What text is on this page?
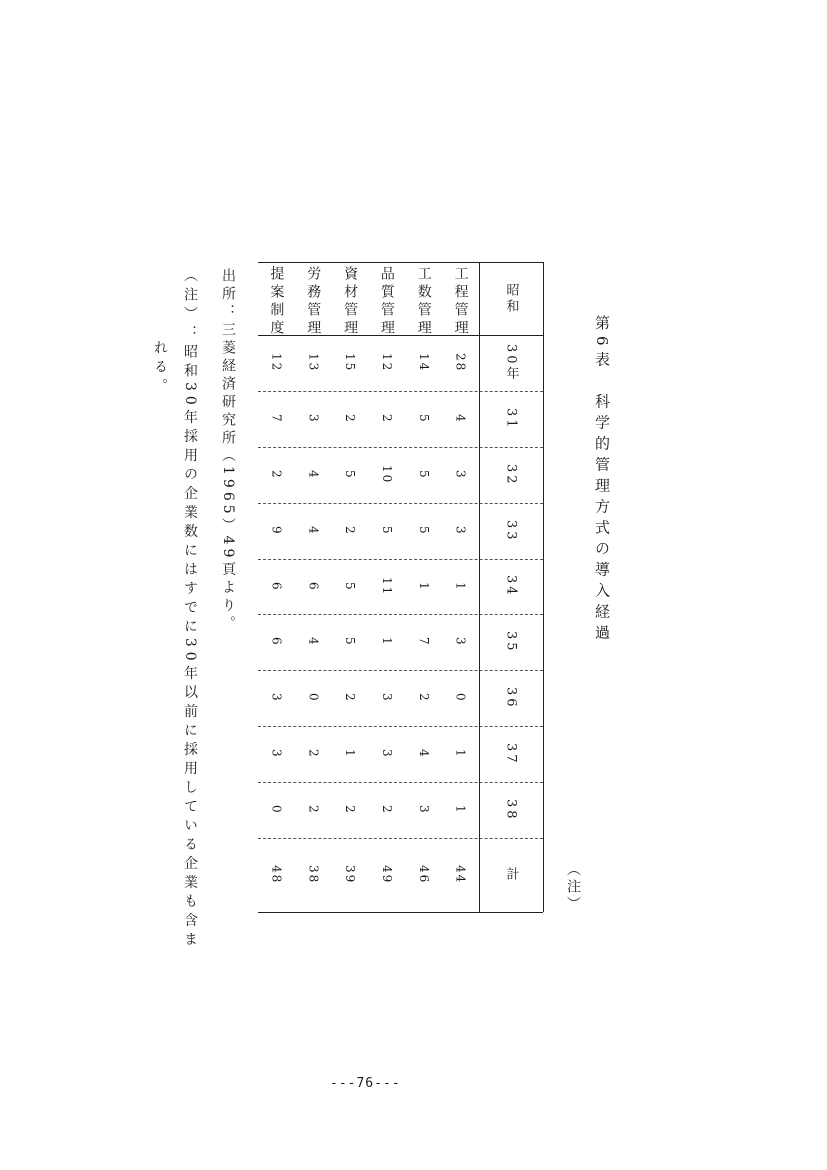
第6表　科学的管理方式の導入経過
（注）
昭和
30年
31
32
33
34
35
36
37
38
計
工程管理
28
4
3
3
1
3
0
1
1
44
工数管理
14
5
5
5
1
7
2
4
3
46
品質管理
12
2
10
5
11
1
3
3
2
49
資材管理
15
2
5
2
5
5
2
1
2
39
労務管理
13
3
4
4
6
4
0
2
2
38
提案制度
12
7
2
9
6
6
3
3
0
48
出所：三菱経済研究所（1965）49頁より。
（注）：昭和30年採用の企業数にはすでに30年以前に採用している企業も含ま
れる。
---76---
